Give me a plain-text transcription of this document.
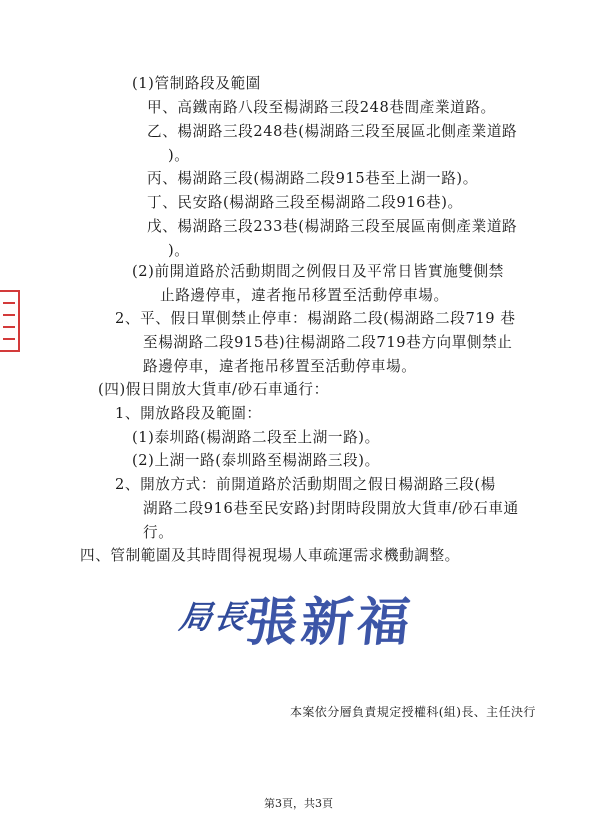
(1)管制路段及範圍
甲、高鐵南路八段至楊湖路三段248巷間產業道路。
乙、楊湖路三段248巷(楊湖路三段至展區北側產業道路
)。
丙、楊湖路三段(楊湖路二段915巷至上湖一路)。
丁、民安路(楊湖路三段至楊湖路二段916巷)。
戊、楊湖路三段233巷(楊湖路三段至展區南側產業道路
)。
(2)前開道路於活動期間之例假日及平常日皆實施雙側禁
止路邊停車，違者拖吊移置至活動停車場。
2、平、假日單側禁止停車：楊湖路二段(楊湖路二段719 巷
至楊湖路二段915巷)往楊湖路二段719巷方向單側禁止
路邊停車，違者拖吊移置至活動停車場。
(四)假日開放大貨車/砂石車通行：
1、開放路段及範圍：
(1)泰圳路(楊湖路二段至上湖一路)。
(2)上湖一路(泰圳路至楊湖路三段)。
2、開放方式：前開道路於活動期間之假日楊湖路三段(楊
湖路二段916巷至民安路)封閉時段開放大貨車/砂石車通
行。
四、管制範圍及其時間得視現場人車疏運需求機動調整。
局長
張新福
本案依分層負責規定授權科(組)長、主任決行
第3頁，共3頁
